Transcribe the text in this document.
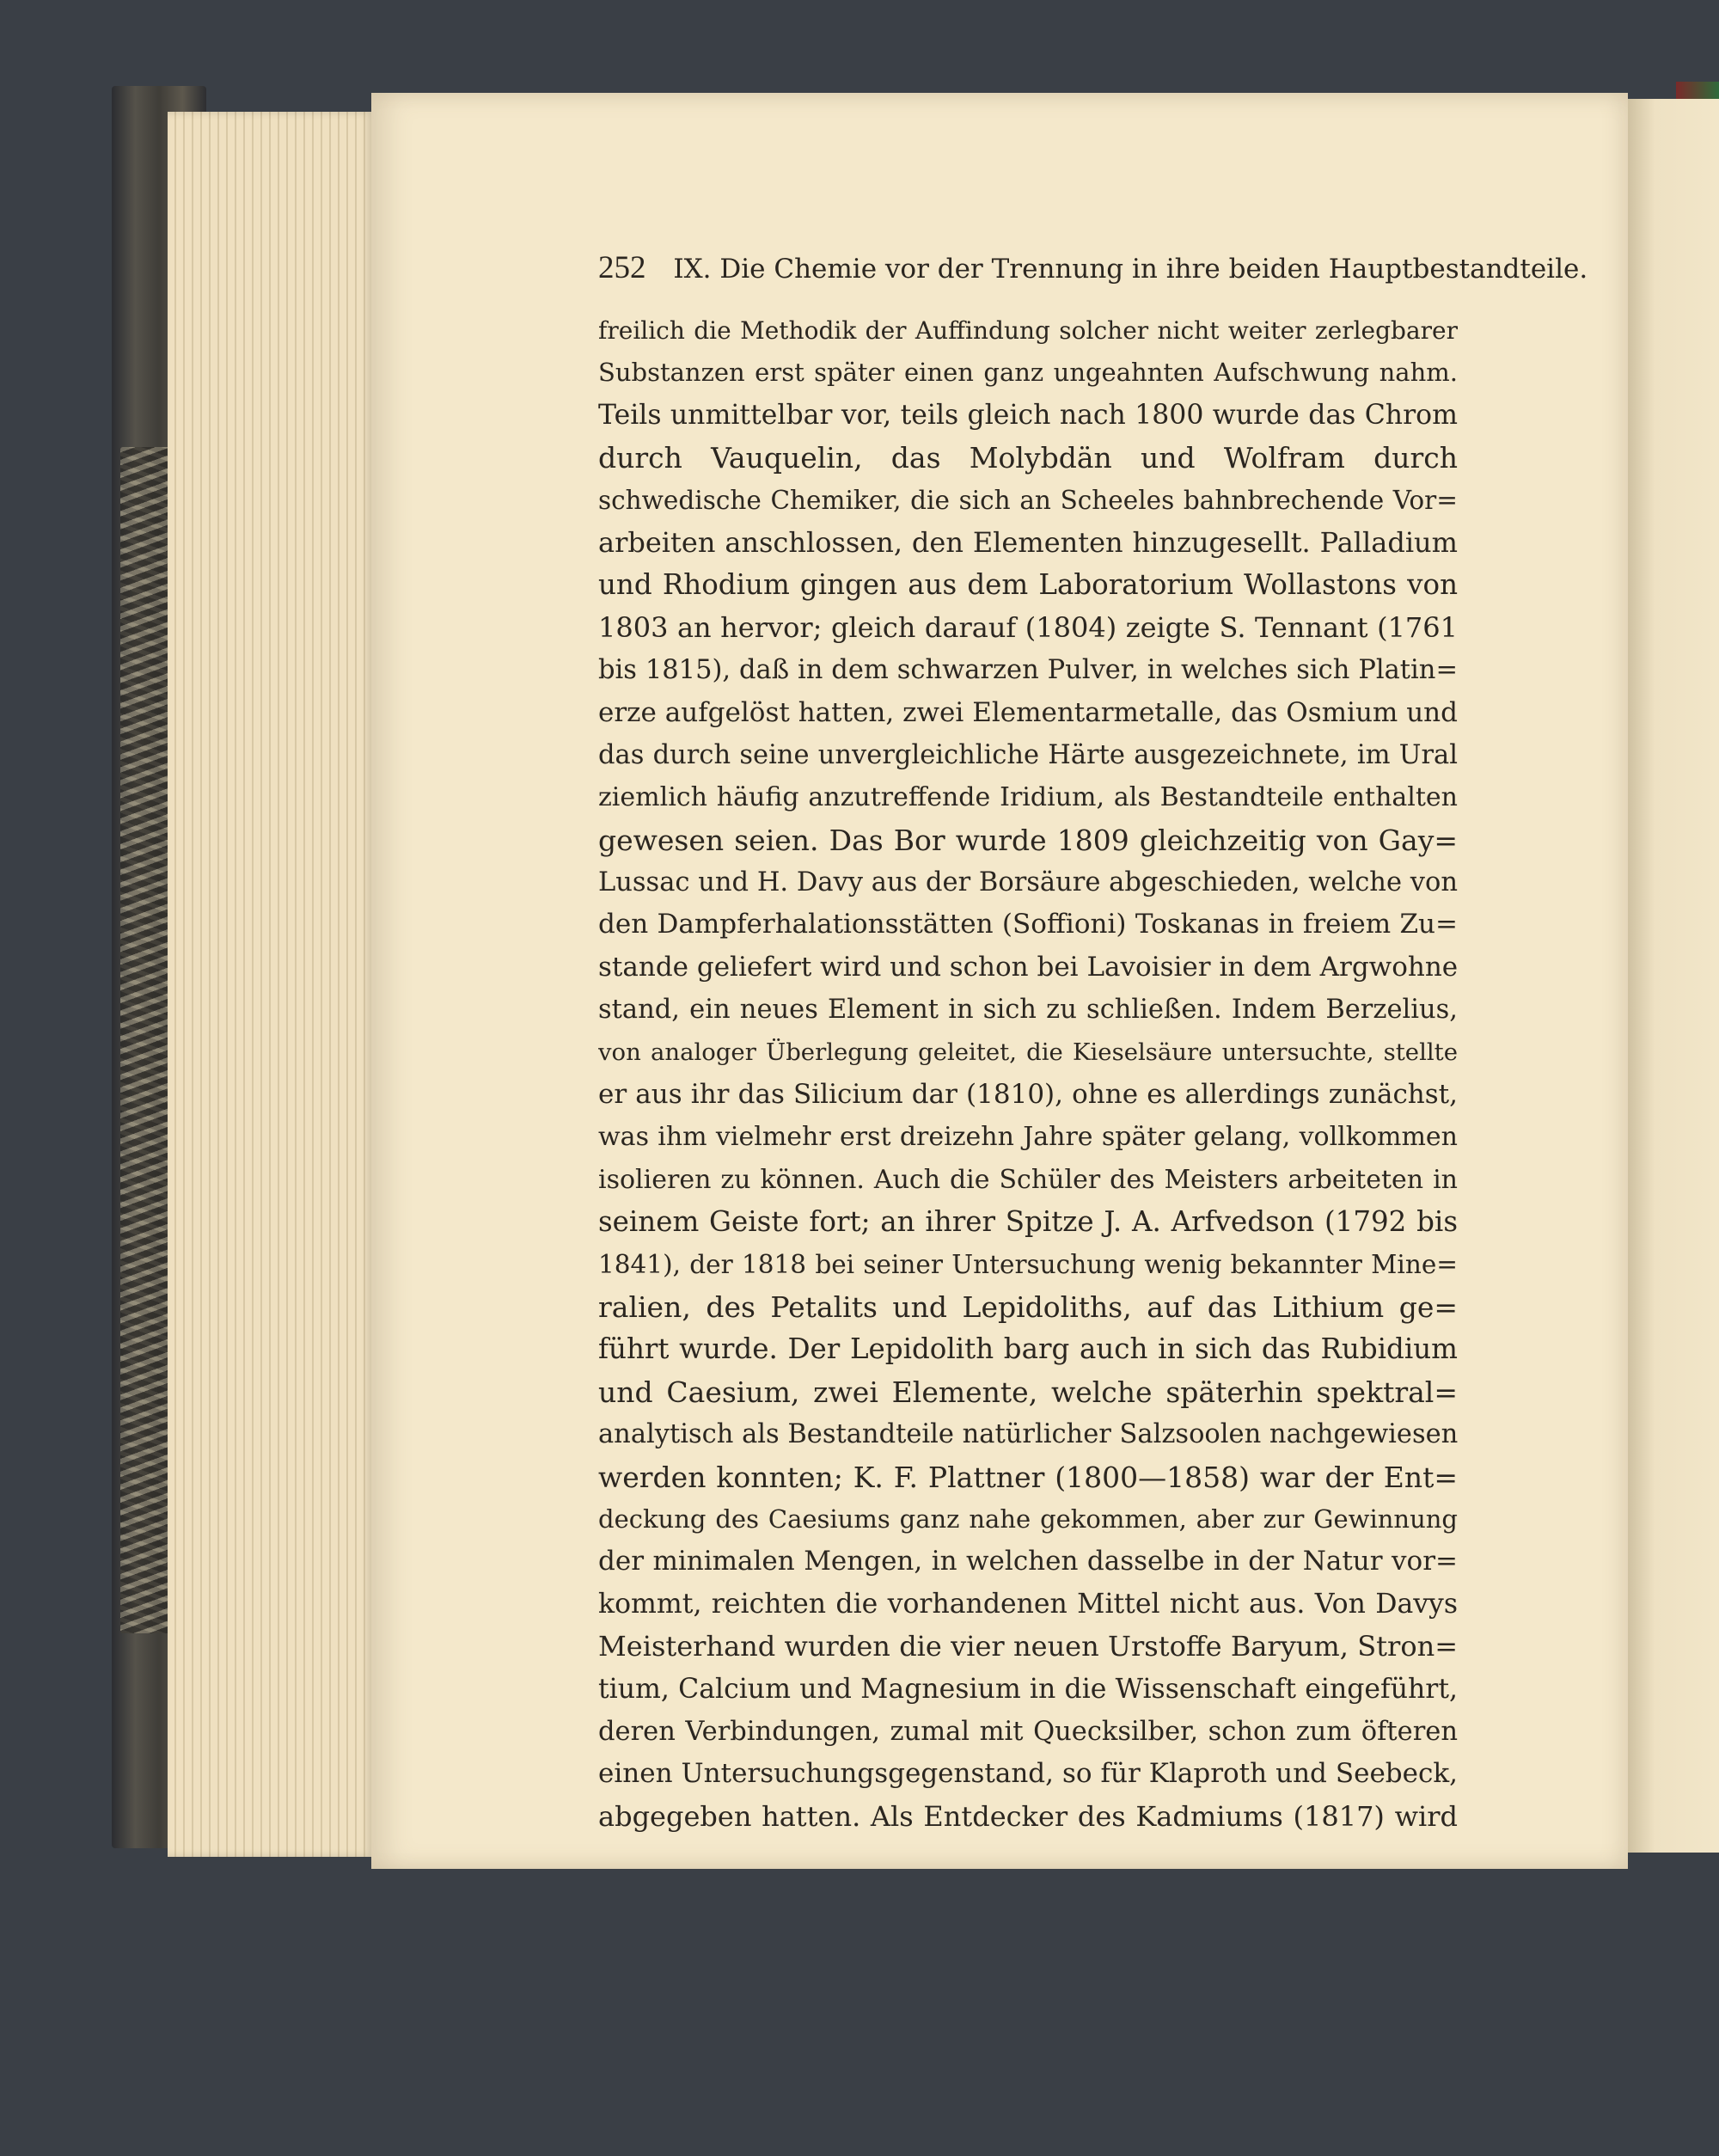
252 IX. Die Chemie vor der Trennung in ihre beiden Hauptbestandteile.
freilich die Methodik der Auffindung solcher nicht weiter zerlegbarer
Substanzen erst später einen ganz ungeahnten Aufschwung nahm.
Teils unmittelbar vor, teils gleich nach 1800 wurde das Chrom
durch Vauquelin, das Molybdän und Wolfram durch
schwedische Chemiker, die sich an Scheeles bahnbrechende Vor=
arbeiten anschlossen, den Elementen hinzugesellt. Palladium
und Rhodium gingen aus dem Laboratorium Wollastons von
1803 an hervor; gleich darauf (1804) zeigte S. Tennant (1761
bis 1815), daß in dem schwarzen Pulver, in welches sich Platin=
erze aufgelöst hatten, zwei Elementarmetalle, das Osmium und
das durch seine unvergleichliche Härte ausgezeichnete, im Ural
ziemlich häufig anzutreffende Iridium, als Bestandteile enthalten
gewesen seien. Das Bor wurde 1809 gleichzeitig von Gay=
Lussac und H. Davy aus der Borsäure abgeschieden, welche von
den Dampferhalationsstätten (Soffioni) Toskanas in freiem Zu=
stande geliefert wird und schon bei Lavoisier in dem Argwohne
stand, ein neues Element in sich zu schließen. Indem Berzelius,
von analoger Überlegung geleitet, die Kieselsäure untersuchte, stellte
er aus ihr das Silicium dar (1810), ohne es allerdings zunächst,
was ihm vielmehr erst dreizehn Jahre später gelang, vollkommen
isolieren zu können. Auch die Schüler des Meisters arbeiteten in
seinem Geiste fort; an ihrer Spitze J. A. Arfvedson (1792 bis
1841), der 1818 bei seiner Untersuchung wenig bekannter Mine=
ralien, des Petalits und Lepidoliths, auf das Lithium ge=
führt wurde. Der Lepidolith barg auch in sich das Rubidium
und Caesium, zwei Elemente, welche späterhin spektral=
analytisch als Bestandteile natürlicher Salzsoolen nachgewiesen
werden konnten; K. F. Plattner (1800—1858) war der Ent=
deckung des Caesiums ganz nahe gekommen, aber zur Gewinnung
der minimalen Mengen, in welchen dasselbe in der Natur vor=
kommt, reichten die vorhandenen Mittel nicht aus. Von Davys
Meisterhand wurden die vier neuen Urstoffe Baryum, Stron=
tium, Calcium und Magnesium in die Wissenschaft eingeführt,
deren Verbindungen, zumal mit Quecksilber, schon zum öfteren
einen Untersuchungsgegenstand, so für Klaproth und Seebeck,
abgegeben hatten. Als Entdecker des Kadmiums (1817) wird
